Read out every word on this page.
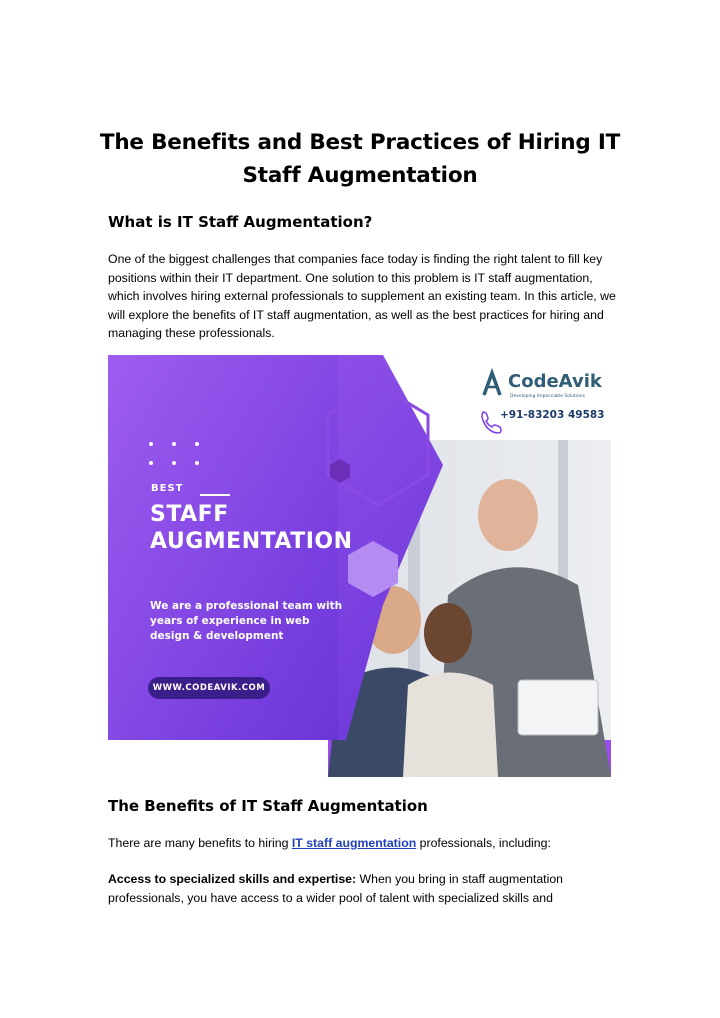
The Benefits and Best Practices of Hiring IT Staff Augmentation
What is IT Staff Augmentation?

One of the biggest challenges that companies face today is finding the right talent to fill key positions within their IT department. One solution to this problem is IT staff augmentation, which involves hiring external professionals to supplement an existing team. In this article, we will explore the benefits of IT staff augmentation, as well as the best practices for hiring and managing these professionals.

BEST
STAFF
AUGMENTATION
We are a professional team with years of experience in web design & development
WWW.CODEAVIK.COM
CodeAvik
Developing Impeccable Solutions
+91-83203 49583
The Benefits of IT Staff Augmentation

There are many benefits to hiring IT staff augmentation professionals, including:

Access to specialized skills and expertise: When you bring in staff augmentation professionals, you have access to a wider pool of talent with specialized skills and
